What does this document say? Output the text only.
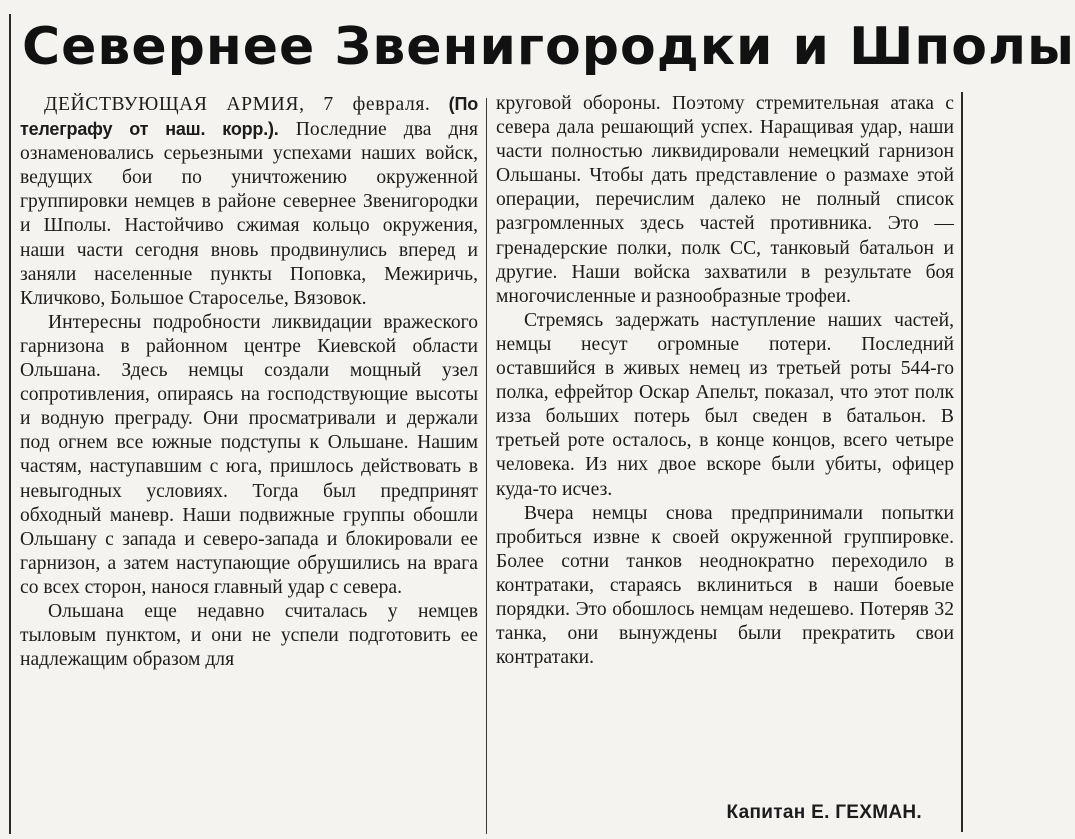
Севернее Звенигородки и Шполы

ДЕЙСТВУЮЩАЯ АРМИЯ, 7 февраля. (По телеграфу от наш. корр.). Последние два дня ознаменовались серьезными успехами наших войск, ведущих бои по уничтожению окруженной группировки немцев в районе севернее Звенигородки и Шполы. Настойчиво сжимая кольцо окружения, наши части сегодня вновь продвинулись вперед и заняли населенные пункты Поповка, Межиричь, Кличково, Большое Староселье, Вязовок.

Интересны подробности ликвидации вражеского гарнизона в районном центре Киевской области Ольшана. Здесь немцы создали мощный узел сопротивления, опираясь на господствующие высоты и водную преграду. Они просматривали и держали под огнем все южные подступы к Ольшане. Нашим частям, наступавшим с юга, пришлось действовать в невыгодных условиях. Тогда был предпринят обходный маневр. Наши подвижные группы обошли Ольшану с запада и северо-запада и блокировали ее гарнизон, а затем наступающие обрушились на врага со всех сторон, нанося главный удар с севера.

Ольшана еще недавно считалась у немцев тыловым пунктом, и они не успели подготовить ее надлежащим образом для

круговой обороны. Поэтому стремительная атака с севера дала решающий успех. Наращивая удар, наши части полностью ликвидировали немецкий гарнизон Ольшаны. Чтобы дать представление о размахе этой операции, перечислим далеко не полный список разгромленных здесь частей противника. Это — гренадерские полки, полк СС, танковый батальон и другие. Наши войска захватили в результате боя многочисленные и разнообразные трофеи.

Стремясь задержать наступление наших частей, немцы несут огромные потери. Последний оставшийся в живых немец из третьей роты 544-го полка, ефрейтор Оскар Апельт, показал, что этот полк изза больших потерь был сведен в батальон. В третьей роте осталось, в конце концов, всего четыре человека. Из них двое вскоре были убиты, офицер куда-то исчез.

Вчера немцы снова предпринимали попытки пробиться извне к своей окруженной группировке. Более сотни танков неоднократно переходило в контратаки, стараясь вклиниться в наши боевые порядки. Это обошлось немцам недешево. Потеряв 32 танка, они вынуждены были прекратить свои контратаки.

Капитан Е. ГЕХМАН.
